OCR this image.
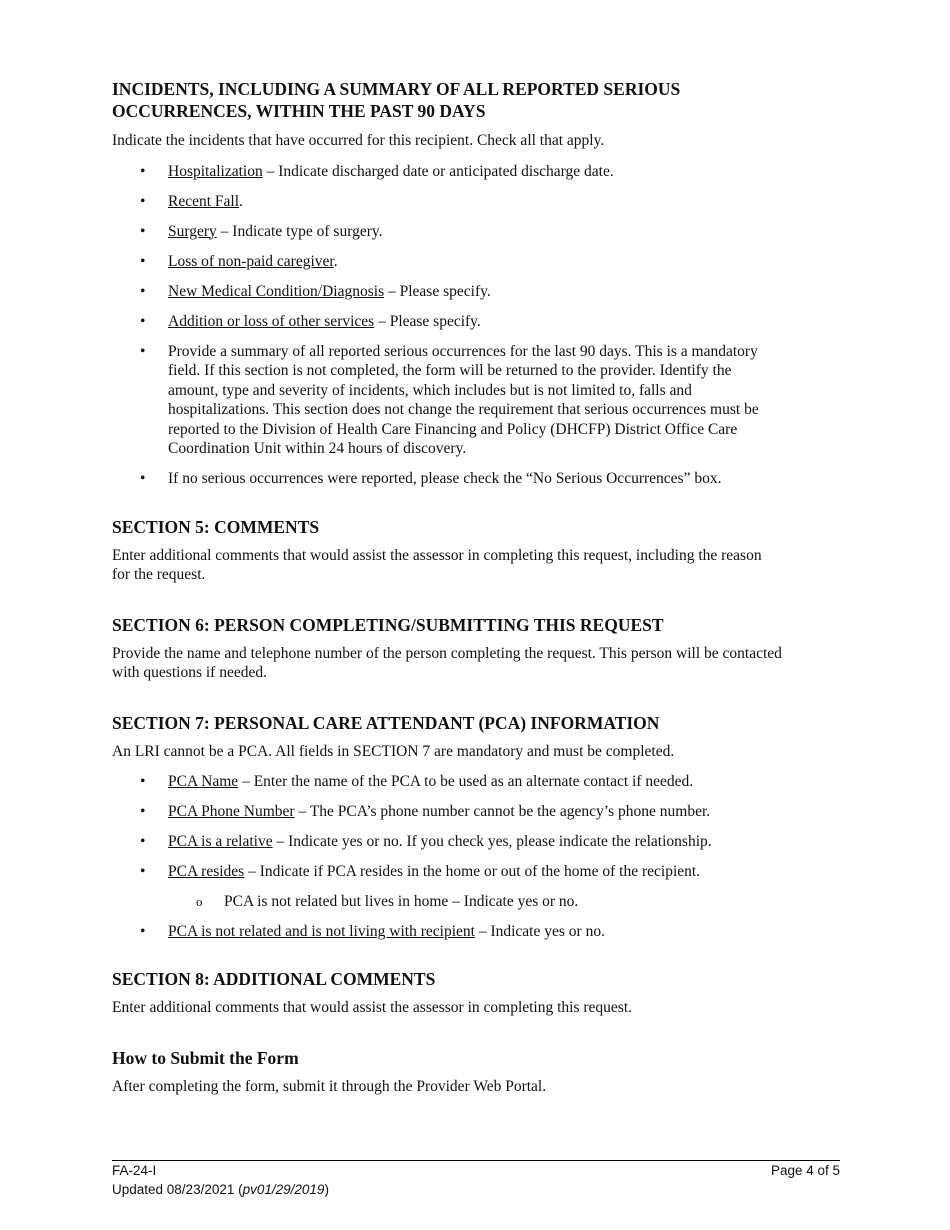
INCIDENTS, INCLUDING A SUMMARY OF ALL REPORTED SERIOUS
OCCURRENCES, WITHIN THE PAST 90 DAYS

Indicate the incidents that have occurred for this recipient. Check all that apply.

• Hospitalization – Indicate discharged date or anticipated discharge date.
• Recent Fall.
• Surgery – Indicate type of surgery.
• Loss of non-paid caregiver.
• New Medical Condition/Diagnosis – Please specify.
• Addition or loss of other services – Please specify.
• Provide a summary of all reported serious occurrences for the last 90 days. This is a mandatory
field. If this section is not completed, the form will be returned to the provider. Identify the
amount, type and severity of incidents, which includes but is not limited to, falls and
hospitalizations. This section does not change the requirement that serious occurrences must be
reported to the Division of Health Care Financing and Policy (DHCFP) District Office Care
Coordination Unit within 24 hours of discovery.
• If no serious occurrences were reported, please check the “No Serious Occurrences” box.
SECTION 5: COMMENTS

Enter additional comments that would assist the assessor in completing this request, including the reason
for the request.

SECTION 6: PERSON COMPLETING/SUBMITTING THIS REQUEST

Provide the name and telephone number of the person completing the request. This person will be contacted
with questions if needed.

SECTION 7: PERSONAL CARE ATTENDANT (PCA) INFORMATION

An LRI cannot be a PCA. All fields in SECTION 7 are mandatory and must be completed.

• PCA Name – Enter the name of the PCA to be used as an alternate contact if needed.
• PCA Phone Number – The PCA’s phone number cannot be the agency’s phone number.
• PCA is a relative – Indicate yes or no. If you check yes, please indicate the relationship.
• PCA resides – Indicate if PCA resides in the home or out of the home of the recipient.
o PCA is not related but lives in home – Indicate yes or no.
• PCA is not related and is not living with recipient – Indicate yes or no.
SECTION 8: ADDITIONAL COMMENTS

Enter additional comments that would assist the assessor in completing this request.

How to Submit the Form

After completing the form, submit it through the Provider Web Portal.

FA-24-I	Page 4 of 5
Updated 08/23/2021 (pv01/29/2019)
